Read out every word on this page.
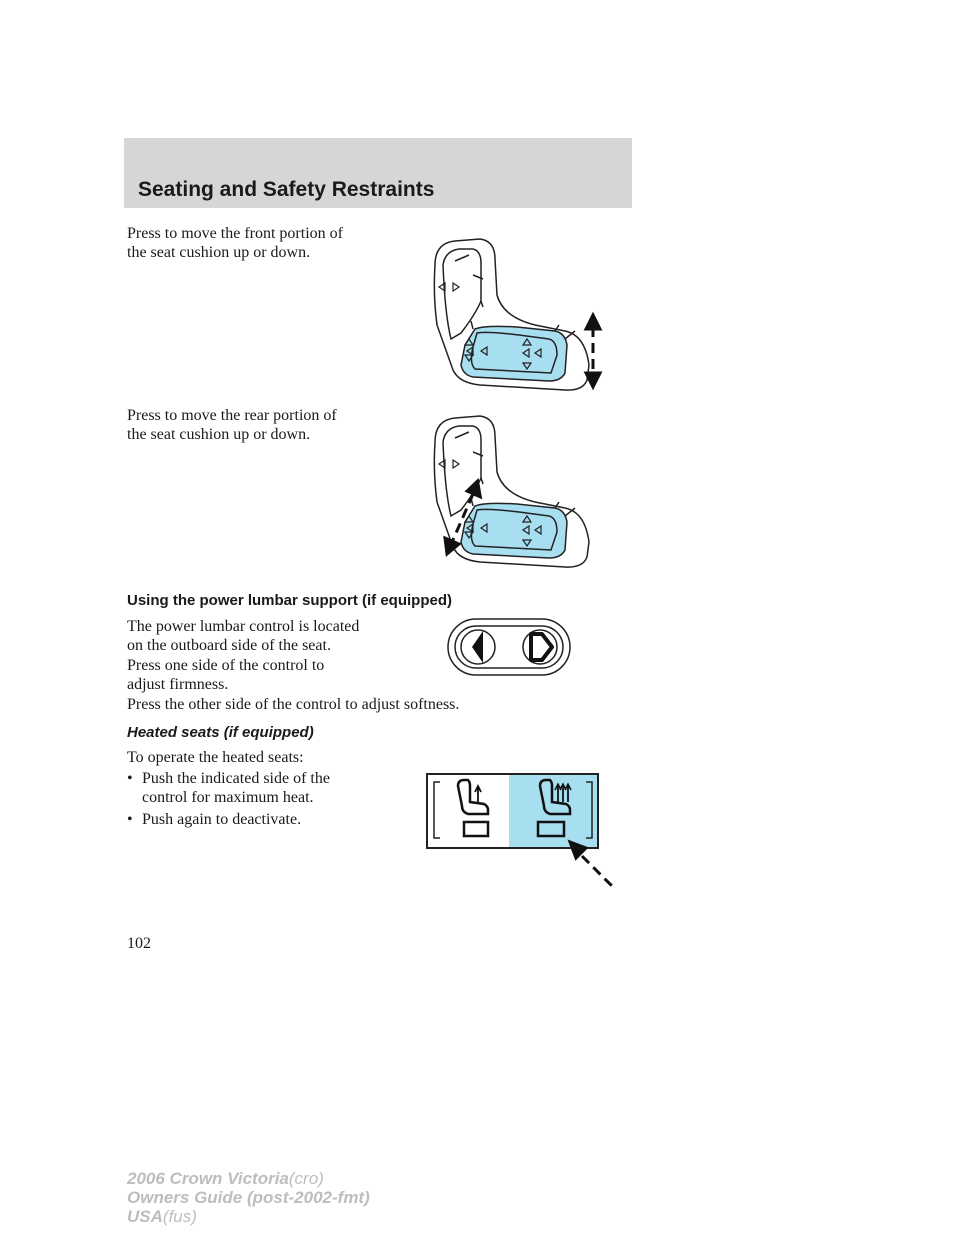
Seating and Safety Restraints

Press to move the front portion of
the seat cushion up or down.

Press to move the rear portion of
the seat cushion up or down.

Using the power lumbar support (if equipped)

The power lumbar control is located
on the outboard side of the seat.

Press one side of the control to
adjust firmness.

Press the other side of the control to adjust softness.

Heated seats (if equipped)

To operate the heated seats:

• Push the indicated side of the
control for maximum heat.
• Push again to deactivate.

102

2006 Crown Victoria(cro)
Owners Guide (post-2002-fmt)
USA(fus)
